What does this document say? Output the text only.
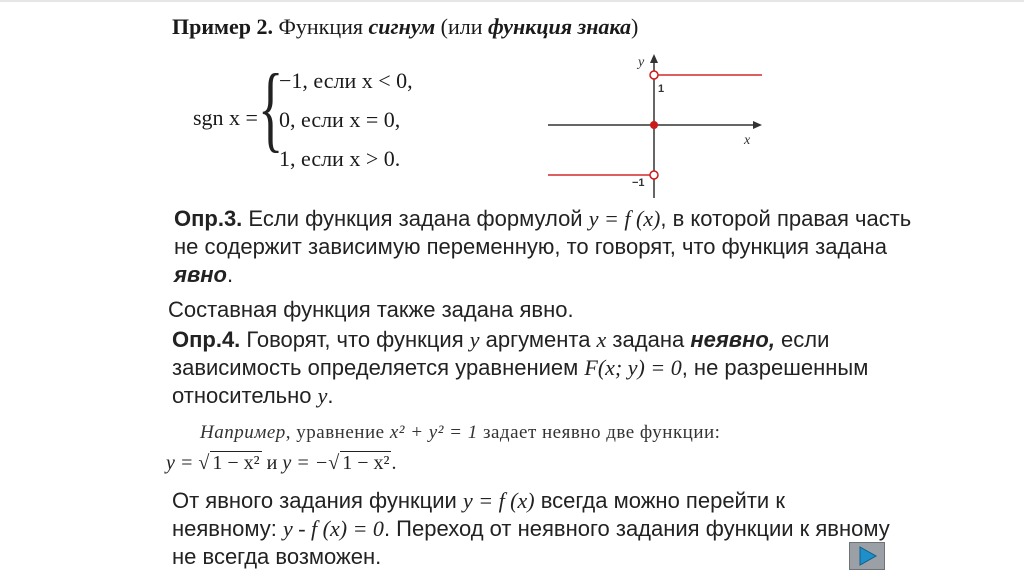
Пример 2. Функция сигнум (или функция знака)
sgn x = {
−1, если x < 0,
0, если x = 0,
1, если x > 0.
x
y
1
−1
Опр.3. Если функция задана формулой y = f (x), в которой правая часть не содержит зависимую переменную, то говорят, что функция задана явно.
Составная функция также задана явно.
Опр.4. Говорят, что функция y аргумента x задана неявно, если зависимость определяется уравнением F(x; y) = 0, не разрешенным относительно y.
Например, уравнение x² + y² = 1 задает неявно две функции:
y = √ 1 − x² и y = −√ 1 − x² .
От явного задания функции y = f (x) всегда можно перейти к неявному: y - f (x) = 0. Переход от неявного задания функции к явному не всегда возможен.
